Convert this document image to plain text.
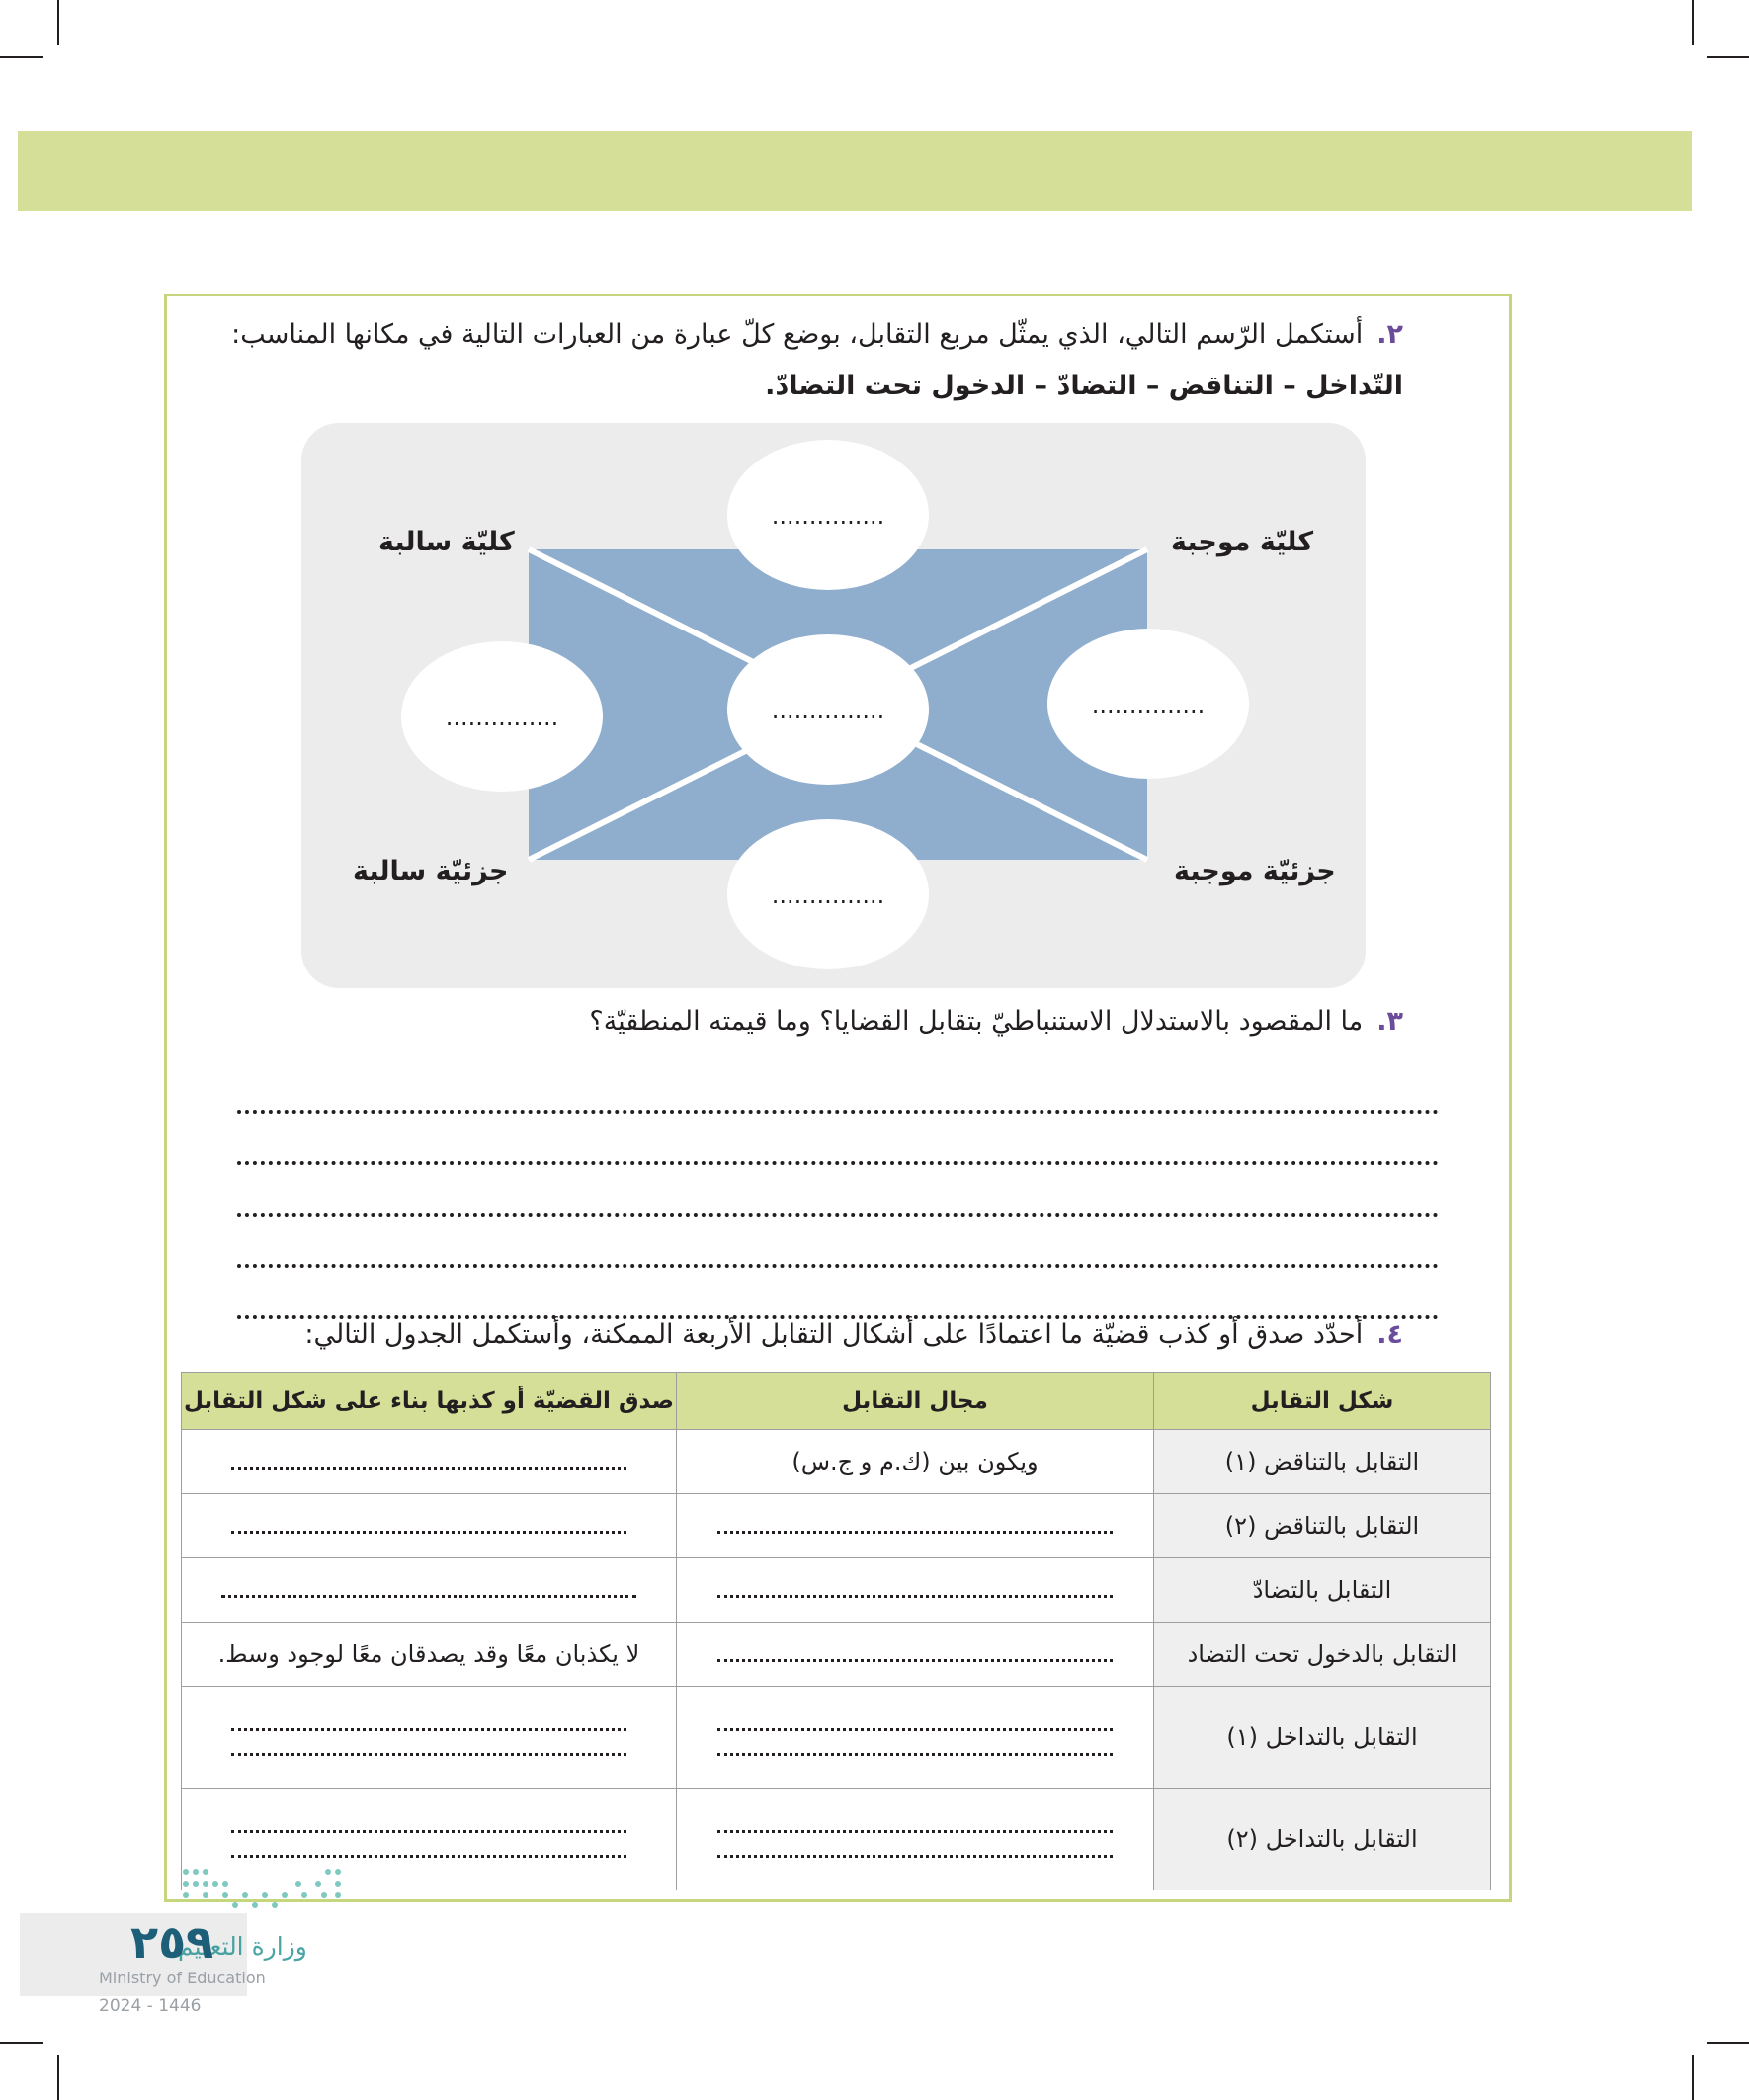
٢.أستكمل الرّسم التالي، الذي يمثّل مربع التقابل، بوضع كلّ عبارة من العبارات التالية في مكانها المناسب:
التّداخل – التناقض – التضادّ – الدخول تحت التضادّ.
...............
...............
...............
...............	...............
كليّة سالبة	كليّة موجبة
جزئيّة سالبة	جزئيّة موجبة
٣.ما المقصود بالاستدلال الاستنباطيّ بتقابل القضايا؟ وما قيمته المنطقيّة؟
٤.أحدّد صدق أو كذب قضيّة ما اعتمادًا على أشكال التقابل الأربعة الممكنة، وأستكمل الجدول التالي:
شكل التقابل	مجال التقابل	صدق القضيّة أو كذبها بناء على شكل التقابل
التقابل بالتناقض (١)	ويكون بين (ك.م و ج.س)	
التقابل بالتناقض (٢)		
التقابل بالتضادّ		
التقابل بالدخول تحت التضاد		لا يكذبان معًا وقد يصدقان معًا لوجود وسط.
التقابل بالتداخل (١)	

التقابل بالتداخل (٢)	

وزارة التعليم
٢٥٩
Ministry of Education
2024 - 1446
